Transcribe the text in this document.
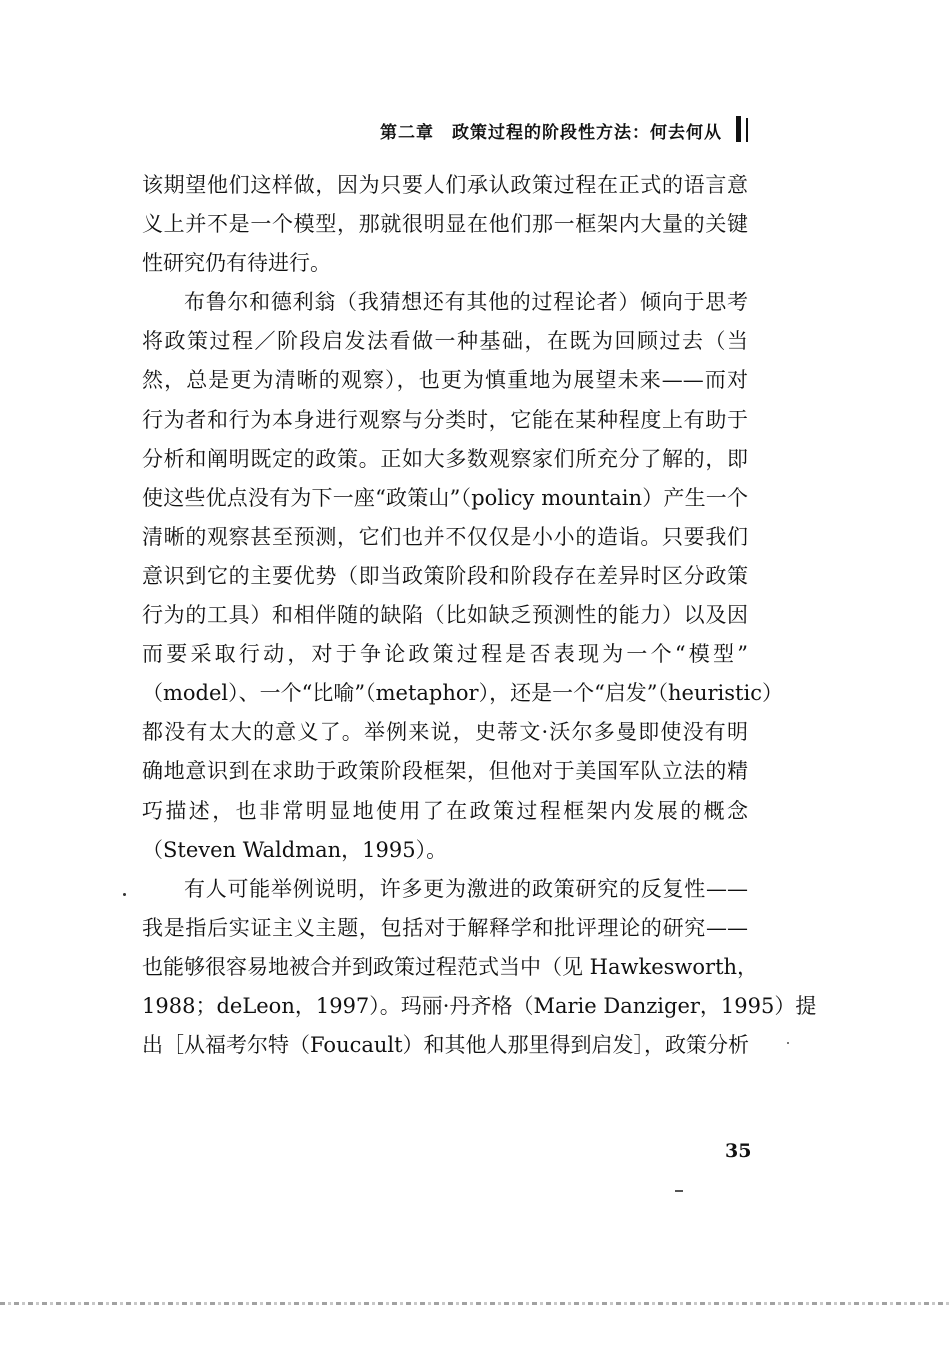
第二章　政策过程的阶段性方法：何去何从
该期望他们这样做，因为只要人们承认政策过程在正式的语言意
义上并不是一个模型，那就很明显在他们那一框架内大量的关键
性研究仍有待进行。
布鲁尔和德利翁（我猜想还有其他的过程论者）倾向于思考
将政策过程／阶段启发法看做一种基础，在既为回顾过去（当
然，总是更为清晰的观察），也更为慎重地为展望未来——而对
行为者和行为本身进行观察与分类时，它能在某种程度上有助于
分析和阐明既定的政策。正如大多数观察家们所充分了解的，即
使这些优点没有为下一座“政策山”（policy mountain）产生一个
清晰的观察甚至预测，它们也并不仅仅是小小的造诣。只要我们
意识到它的主要优势（即当政策阶段和阶段存在差异时区分政策
行为的工具）和相伴随的缺陷（比如缺乏预测性的能力）以及因
而要采取行动，对于争论政策过程是否表现为一个“模型”
（model）、一个“比喻”（metaphor），还是一个“启发”（heuristic）
都没有太大的意义了。举例来说，史蒂文·沃尔多曼即使没有明
确地意识到在求助于政策阶段框架，但他对于美国军队立法的精
巧描述，也非常明显地使用了在政策过程框架内发展的概念
（Steven Waldman，1995）。
有人可能举例说明，许多更为激进的政策研究的反复性——
我是指后实证主义主题，包括对于解释学和批评理论的研究——
也能够很容易地被合并到政策过程范式当中（见 Hawkesworth，
1988；deLeon，1997）。玛丽·丹齐格（Marie Danziger，1995）提
出［从福考尔特（Foucault）和其他人那里得到启发］，政策分析
35
